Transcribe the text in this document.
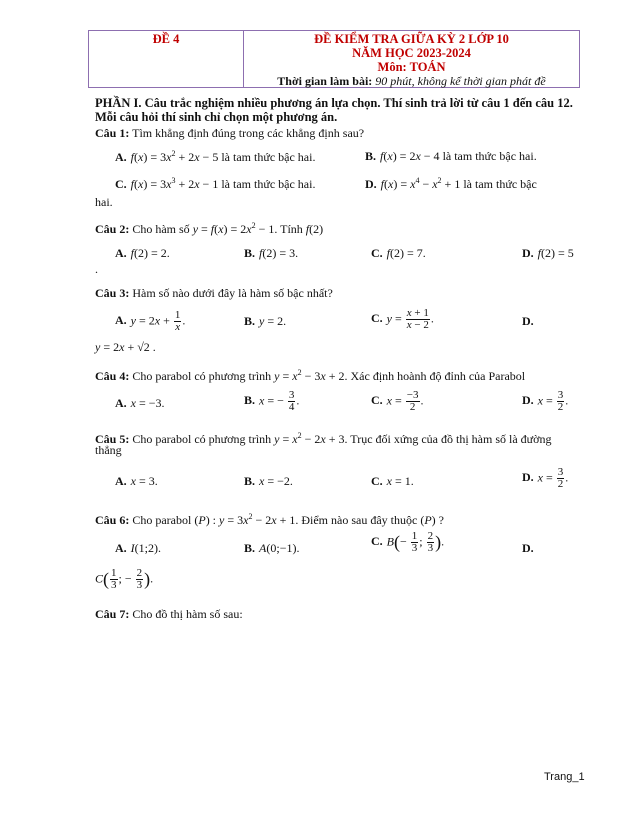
ĐỀ 4	ĐỀ KIỂM TRA GIỮA KỲ 2 LỚP 10
NĂM HỌC 2023-2024
Môn: TOÁN
Thời gian làm bài: 90 phút, không kể thời gian phát đề
PHẦN I. Câu trắc nghiệm nhiều phương án lựa chọn. Thí sinh trả lời từ câu 1 đến câu 12. Mỗi câu hỏi thí sinh chỉ chọn một phương án.
Câu 1: Tìm khẳng định đúng trong các khẳng định sau?
A. $f(x) = 3x^2 + 2x - 5$ là tam thức bậc hai.	B. f(x) = 2x − 4 là tam thức bậc hai.
C. $f(x) = 3x^3 + 2x - 1$ là tam thức bậc hai.	D. $f(x) = x^4 - x^2 + 1$ là tam thức bậc
hai.
Câu 2: Cho hàm số $y = f(x) = 2x^2 - 1$. Tính f(2)
A. f(2) = 2.	B. f(2) = 3.	C. f(2) = 7.	D. f(2) = 5
.
Câu 3: Hàm số nào dưới đây là hàm số bậc nhất?
A. $y = 2x + \frac{1}{x}$ .	B. y = 2.	C. $y = \frac{x + 1}{x - 2}$ .	D.
y = 2x + √2 .
Câu 4: Cho parabol có phương trình $y = x^2 - 3x + 2$. Xác định hoành độ đỉnh của Parabol
A. x = −3.	B. x = − $\frac{3}{4}$ .	C. $x = \frac{-3}{2}$ .	D. $x = \frac{3}{2}$ .
Câu 5: Cho parabol có phương trình $y = x^2 - 2x + 3$. Trục đối xứng của đồ thị hàm số là đường
thẳng
A. x = 3.	B. x = −2.	C. x = 1.	D. $x = \frac{3}{2}$ .
Câu 6: Cho parabol (P) : $y = 3x^2 - 2x + 1$. Điểm nào sau đây thuộc (P) ?
A. I(1;2).	B. A(0;−1).	C. $B(- \frac{1}{3}$ ; $\frac{2}{3}$ ).	D.
$C( \frac{1}{3}$ ; − $\frac{2}{3}$ ).
Câu 7: Cho đồ thị hàm số sau:
Trang_1
